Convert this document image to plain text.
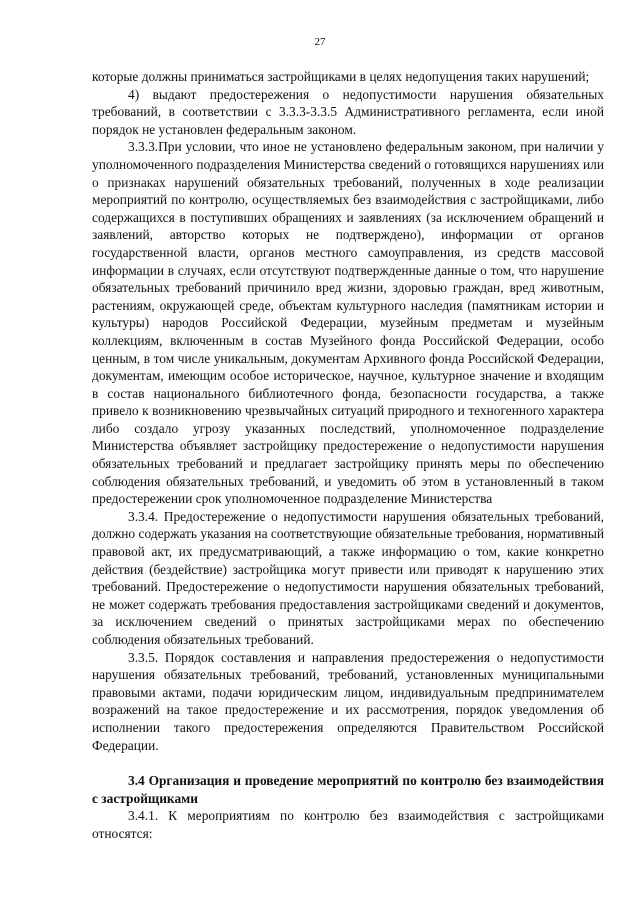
27

которые должны приниматься застройщиками в целях недопущения таких нарушений;

4) выдают предостережения о недопустимости нарушения обязательных требований, в соответствии с 3.3.3-3.3.5 Административного регламента, если иной порядок не установлен федеральным законом.

3.3.3.При условии, что иное не установлено федеральным законом, при наличии у уполномоченного подразделения Министерства сведений о готовящихся нарушениях или о признаках нарушений обязательных требований, полученных в ходе реализации мероприятий по контролю, осуществляемых без взаимодействия с застройщиками, либо содержащихся в поступивших обращениях и заявлениях (за исключением обращений и заявлений, авторство которых не подтверждено), информации от органов государственной власти, органов местного самоуправления, из средств массовой информации в случаях, если отсутствуют подтвержденные данные о том, что нарушение обязательных требований причинило вред жизни, здоровью граждан, вред животным, растениям, окружающей среде, объектам культурного наследия (памятникам истории и культуры) народов Российской Федерации, музейным предметам и музейным коллекциям, включенным в состав Музейного фонда Российской Федерации, особо ценным, в том числе уникальным, документам Архивного фонда Российской Федерации, документам, имеющим особое историческое, научное, культурное значение и входящим в состав национального библиотечного фонда, безопасности государства, а также привело к возникновению чрезвычайных ситуаций природного и техногенного характера либо создало угрозу указанных последствий, уполномоченное подразделение Министерства объявляет застройщику предостережение о недопустимости нарушения обязательных требований и предлагает застройщику принять меры по обеспечению соблюдения обязательных требований, и уведомить об этом в установленный в таком предостережении срок уполномоченное подразделение Министерства

3.3.4. Предостережение о недопустимости нарушения обязательных требований, должно содержать указания на соответствующие обязательные требования, нормативный правовой акт, их предусматривающий, а также информацию о том, какие конкретно действия (бездействие) застройщика могут привести или приводят к нарушению этих требований. Предостережение о недопустимости нарушения обязательных требований, не может содержать требования предоставления застройщиками сведений и документов, за исключением сведений о принятых застройщиками мерах по обеспечению соблюдения обязательных требований.

3.3.5. Порядок составления и направления предостережения о недопустимости нарушения обязательных требований, требований, установленных муниципальными правовыми актами, подачи юридическим лицом, индивидуальным предпринимателем возражений на такое предостережение и их рассмотрения, порядок уведомления об исполнении такого предостережения определяются Правительством Российской Федерации.

3.4 Организация и проведение мероприятий по контролю без взаимодействия с застройщиками

3.4.1. К мероприятиям по контролю без взаимодействия с застройщиками относятся:
